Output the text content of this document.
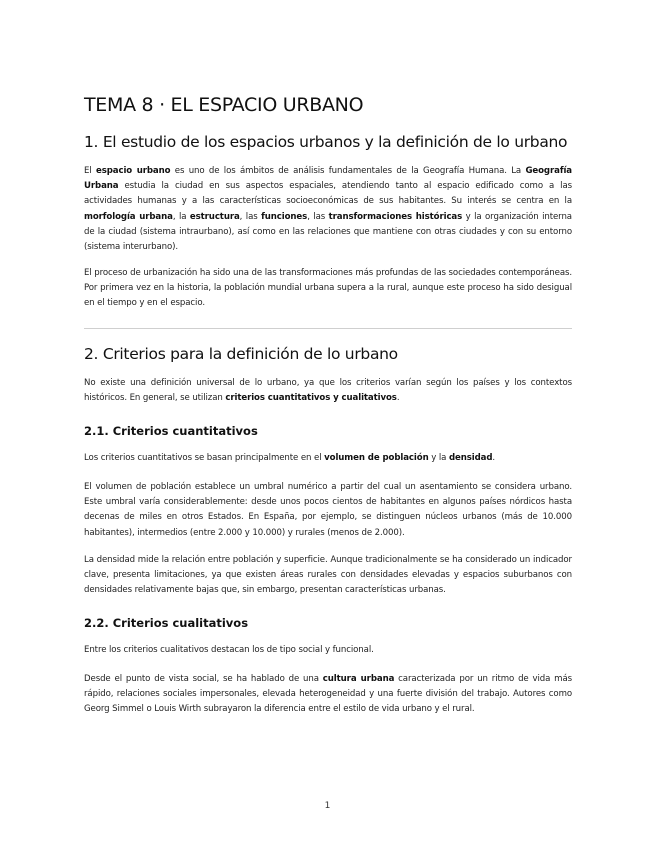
TEMA 8 · EL ESPACIO URBANO
1. El estudio de los espacios urbanos y la definición de lo urbano

El espacio urbano es uno de los ámbitos de análisis fundamentales de la Geografía Humana. La Geografía Urbana estudia la ciudad en sus aspectos espaciales, atendiendo tanto al espacio edificado como a las actividades humanas y a las características socioeconómicas de sus habitantes. Su interés se centra en la morfología urbana, la estructura, las funciones, las transformaciones históricas y la organización interna de la ciudad (sistema intraurbano), así como en las relaciones que mantiene con otras ciudades y con su entorno (sistema interurbano).

El proceso de urbanización ha sido una de las transformaciones más profundas de las sociedades contemporáneas. Por primera vez en la historia, la población mundial urbana supera a la rural, aunque este proceso ha sido desigual en el tiempo y en el espacio.

2. Criterios para la definición de lo urbano

No existe una definición universal de lo urbano, ya que los criterios varían según los países y los contextos históricos. En general, se utilizan criterios cuantitativos y cualitativos.

2.1. Criterios cuantitativos

Los criterios cuantitativos se basan principalmente en el volumen de población y la densidad.

El volumen de población establece un umbral numérico a partir del cual un asentamiento se considera urbano. Este umbral varía considerablemente: desde unos pocos cientos de habitantes en algunos países nórdicos hasta decenas de miles en otros Estados. En España, por ejemplo, se distinguen núcleos urbanos (más de 10.000 habitantes), intermedios (entre 2.000 y 10.000) y rurales (menos de 2.000).

La densidad mide la relación entre población y superficie. Aunque tradicionalmente se ha considerado un indicador clave, presenta limitaciones, ya que existen áreas rurales con densidades elevadas y espacios suburbanos con densidades relativamente bajas que, sin embargo, presentan características urbanas.

2.2. Criterios cualitativos

Entre los criterios cualitativos destacan los de tipo social y funcional.

Desde el punto de vista social, se ha hablado de una cultura urbana caracterizada por un ritmo de vida más rápido, relaciones sociales impersonales, elevada heterogeneidad y una fuerte división del trabajo. Autores como Georg Simmel o Louis Wirth subrayaron la diferencia entre el estilo de vida urbano y el rural.

1
